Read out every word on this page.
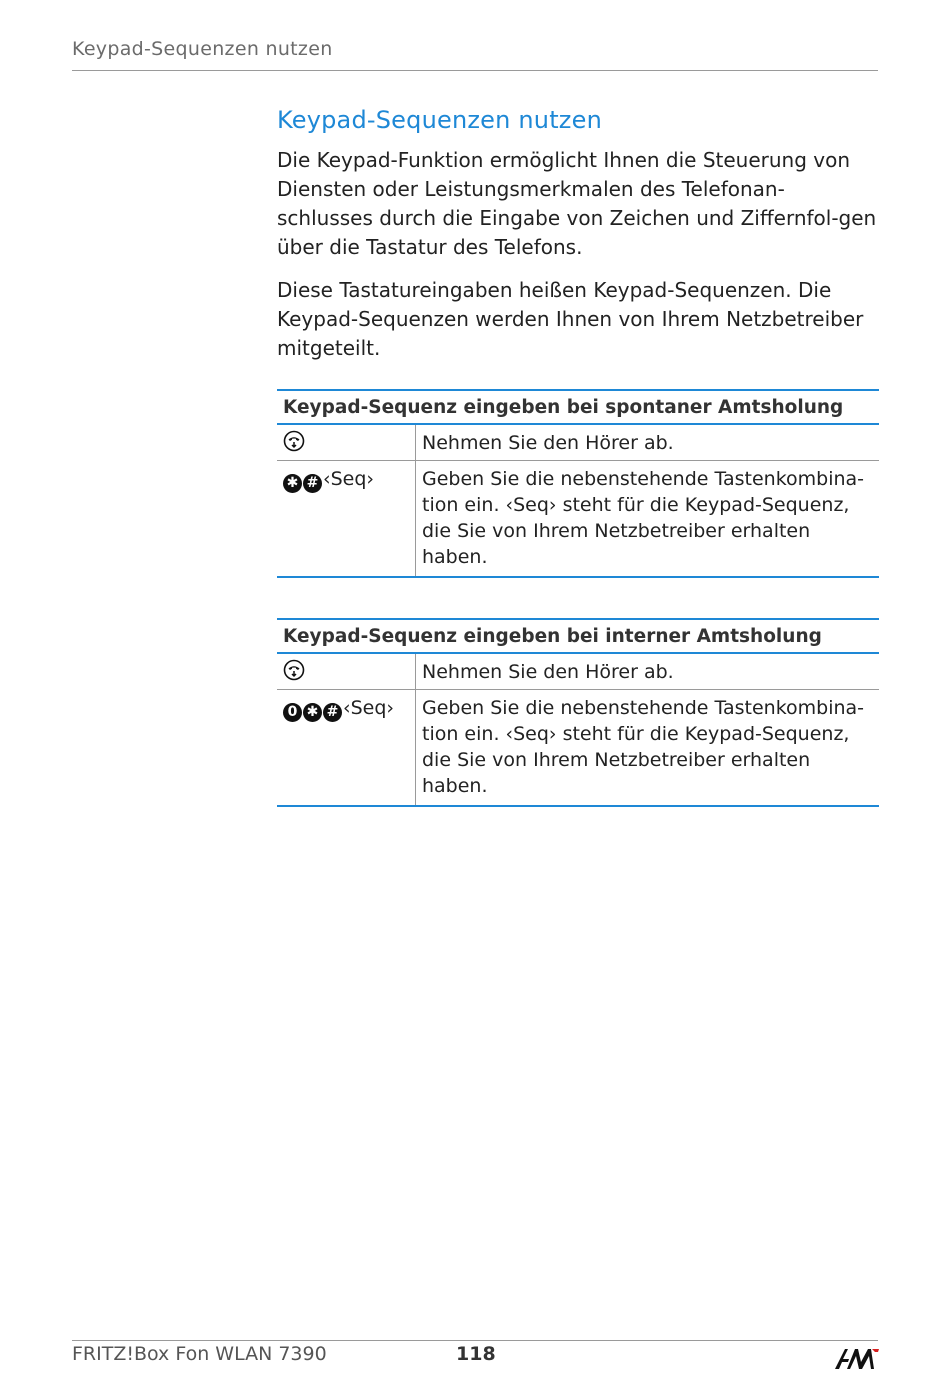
Keypad-Sequenzen nutzen
Keypad-Sequenzen nutzen

Die Keypad-Funktion ermöglicht Ihnen die Steuerung von Diensten oder Leistungsmerkmalen des Telefonan-schlusses durch die Eingabe von Zeichen und Ziffernfol-gen über die Tastatur des Telefons.

Diese Tastatureingaben heißen Keypad-Sequenzen. Die Keypad-Sequenzen werden Ihnen von Ihrem Netzbetreiber mitgeteilt.

Keypad-Sequenz eingeben bei spontaner Amtsholung	
	Nehmen Sie den Hörer ab.
✱ # ‹Seq›	Geben Sie die nebenstehende Tastenkombina-tion ein. ‹Seq› steht für die Keypad-Sequenz, die Sie von Ihrem Netzbetreiber erhalten haben.
Keypad-Sequenz eingeben bei interner Amtsholung	
	Nehmen Sie den Hörer ab.
0 ✱ # ‹Seq›	Geben Sie die nebenstehende Tastenkombina-tion ein. ‹Seq› steht für die Keypad-Sequenz, die Sie von Ihrem Netzbetreiber erhalten haben.
FRITZ!Box Fon WLAN 7390	118
